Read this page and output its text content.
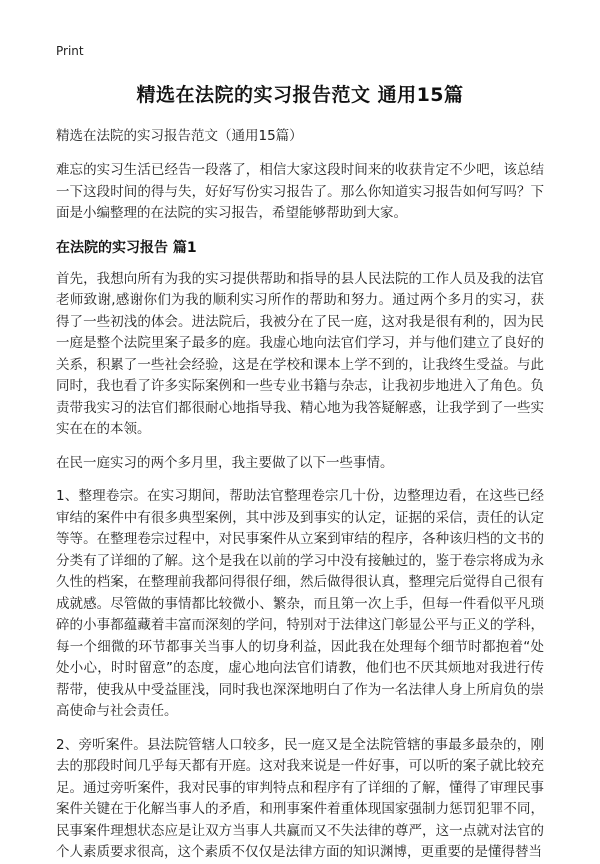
Print
精选在法院的实习报告范文 通用15篇
精选在法院的实习报告范文（通用15篇）

难忘的实习生活已经告一段落了，相信大家这段时间来的收获肯定不少吧，该总结一下这段时间的得与失，好好写份实习报告了。那么你知道实习报告如何写吗？下面是小编整理的在法院的实习报告，希望能够帮助到大家。

在法院的实习报告 篇1

首先，我想向所有为我的实习提供帮助和指导的县人民法院的工作人员及我的法官老师致谢,感谢你们为我的顺利实习所作的帮助和努力。通过两个多月的实习，获得了一些初浅的体会。进法院后，我被分在了民一庭，这对我是很有利的，因为民一庭是整个法院里案子最多的庭。我虚心地向法官们学习，并与他们建立了良好的关系，积累了一些社会经验，这是在学校和课本上学不到的，让我终生受益。与此同时，我也看了许多实际案例和一些专业书籍与杂志，让我初步地进入了角色。负责带我实习的法官们都很耐心地指导我、精心地为我答疑解惑，让我学到了一些实实在在的本领。

在民一庭实习的两个多月里，我主要做了以下一些事情。

1、整理卷宗。在实习期间，帮助法官整理卷宗几十份，边整理边看，在这些已经审结的案件中有很多典型案例，其中涉及到事实的认定，证据的采信，责任的认定等等。在整理卷宗过程中，对民事案件从立案到审结的程序，各种该归档的文书的分类有了详细的了解。这个是我在以前的学习中没有接触过的，鉴于卷宗将成为永久性的档案，在整理前我都问得很仔细，然后做得很认真，整理完后觉得自己很有成就感。尽管做的事情都比较微小、繁杂，而且第一次上手，但每一件看似平凡琐碎的小事都蕴藏着丰富而深刻的学问，特别对于法律这门彰显公平与正义的学科，每一个细微的环节都事关当事人的切身利益，因此我在处理每个细节时都抱着“处处小心，时时留意”的态度，虚心地向法官们请教，他们也不厌其烦地对我进行传帮带，使我从中受益匪浅，同时我也深深地明白了作为一名法律人身上所肩负的崇高使命与社会责任。

2、旁听案件。县法院管辖人口较多，民一庭又是全法院管辖的事最多最杂的，刚去的那段时间几乎每天都有开庭。这对我来说是一件好事，可以听的案子就比较充足。通过旁听案件，我对民事的审判特点和程序有了详细的了解，懂得了审理民事案件关键在于化解当事人的矛盾，和刑事案件着重体现国家强制力惩罚犯罪不同，民事案件理想状态应是让双方当事人共赢而又不失法律的尊严，这一点就对法官的个人素质要求很高，这个素质不仅仅是法律方面的知识渊博，更重要的是懂得替当
